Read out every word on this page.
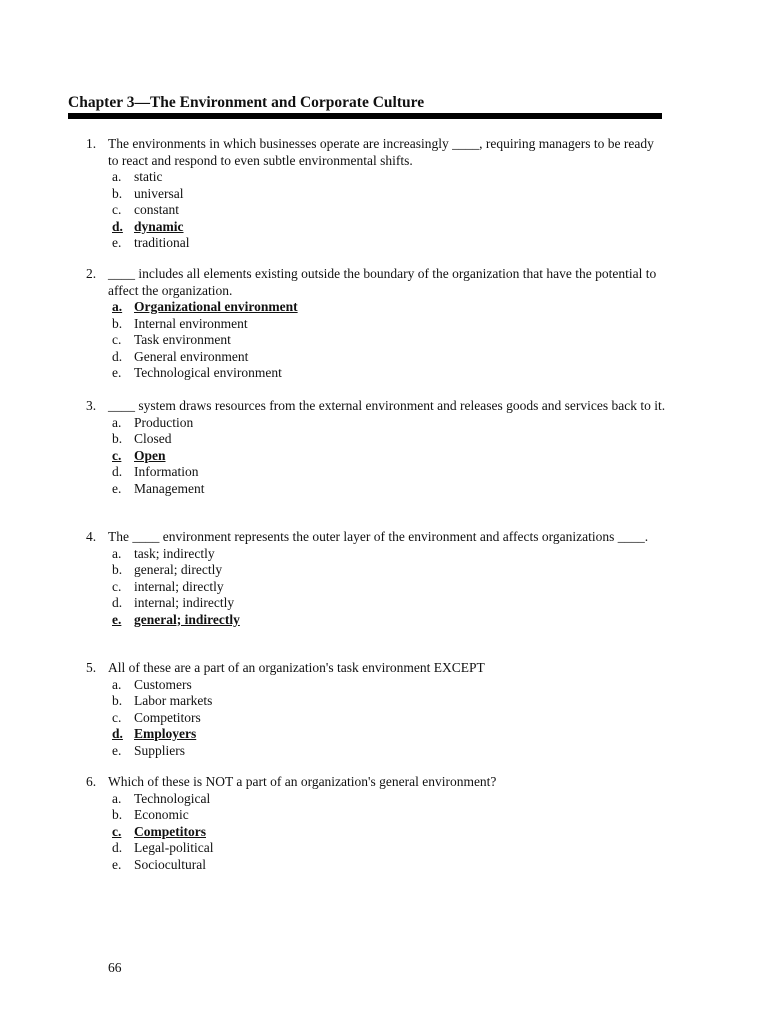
Chapter 3—The Environment and Corporate Culture
1. The environments in which businesses operate are increasingly ____, requiring managers to be ready to react and respond to even subtle environmental shifts.
a. static
b. universal
c. constant
d. dynamic
e. traditional
2. ____ includes all elements existing outside the boundary of the organization that have the potential to affect the organization.
a. Organizational environment
b. Internal environment
c. Task environment
d. General environment
e. Technological environment
3. ____ system draws resources from the external environment and releases goods and services back to it.
a. Production
b. Closed
c. Open
d. Information
e. Management
4. The ____ environment represents the outer layer of the environment and affects organizations ____.
a. task; indirectly
b. general; directly
c. internal; directly
d. internal; indirectly
e. general; indirectly
5. All of these are a part of an organization's task environment EXCEPT
a. Customers
b. Labor markets
c. Competitors
d. Employers
e. Suppliers
6. Which of these is NOT a part of an organization's general environment?
a. Technological
b. Economic
c. Competitors
d. Legal-political
e. Sociocultural
66
